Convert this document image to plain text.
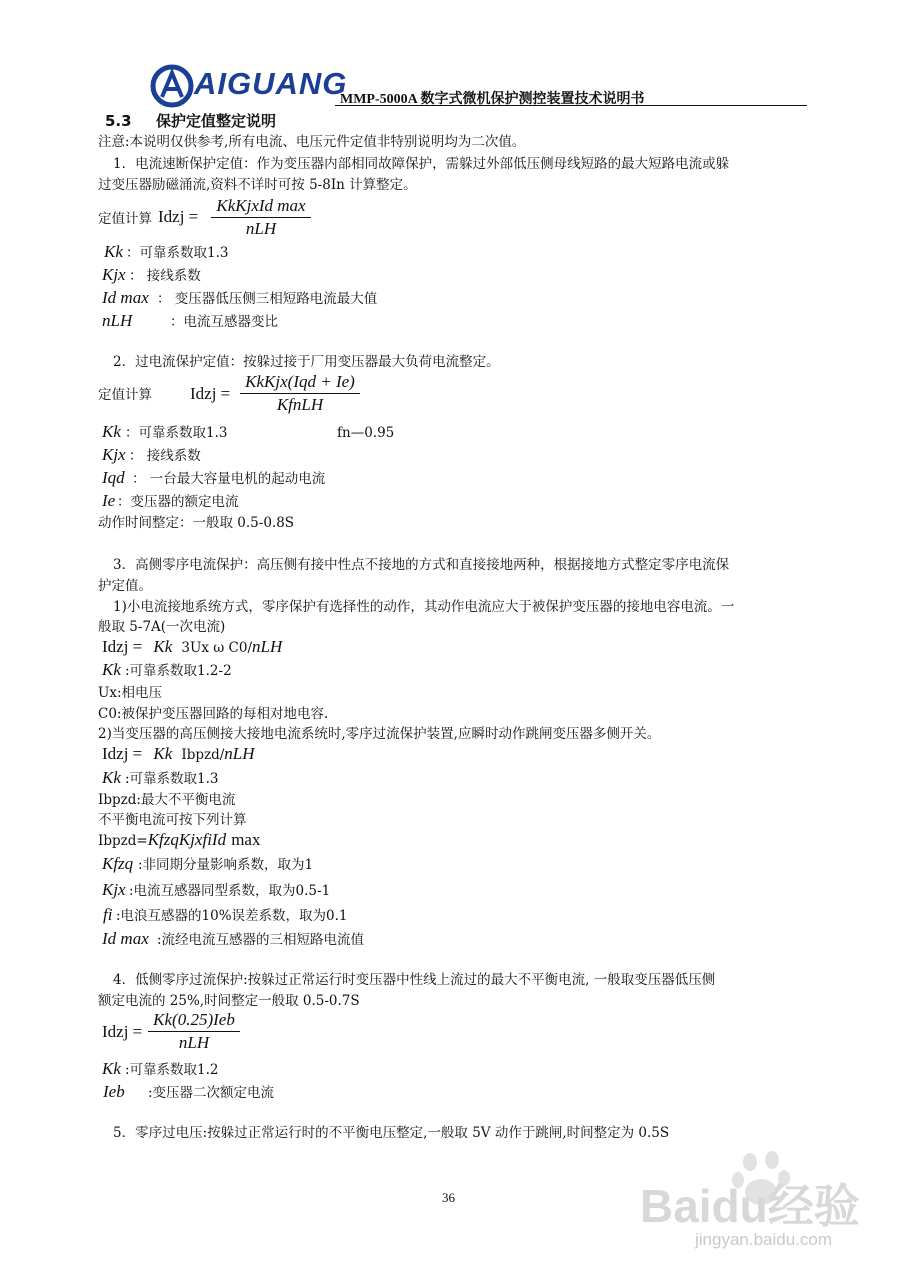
AIGUANG
MMP-5000A 数字式微机保护测控装置技术说明书
5.3 保护定值整定说明
注意:本说明仅供参考,所有电流、电压元件定值非特别说明均为二次值。
1．电流速断保护定值：作为变压器内部相同故障保护，需躲过外部低压侧母线短路的最大短路电流或躲
过变压器励磁涌流,资料不详时可按 5-8In 计算整定。
定值计算 Idzj =
KkKjxId max
nLH
Kk ：可靠系数取1.3
Kjx ： 接线系数
Id max ： 变压器低压侧三相短路电流最大值
nLH	：电流互感器变比
2．过电流保护定值：按躲过接于厂用变压器最大负荷电流整定。
定值计算 Idzj =
KkKjx(Iqd + Ie)
KfnLH
Kk ：可靠系数取1.3	fn—0.95
Kjx ： 接线系数
Iqd ： 一台最大容量电机的起动电流
Ie ：变压器的额定电流
动作时间整定：一般取 0.5-0.8S
3．高侧零序电流保护：高压侧有接中性点不接地的方式和直接接地两种，根据接地方式整定零序电流保
护定值。
1)小电流接地系统方式，零序保护有选择性的动作，其动作电流应大于被保护变压器的接地电容电流。一
般取 5-7A(一次电流)
Idzj = Kk 3Ux ω C0/nLH
Kk :可靠系数取1.2-2
Ux:相电压
C0:被保护变压器回路的每相对地电容.
2)当变压器的高压侧接大接地电流系统时,零序过流保护装置,应瞬时动作跳闸变压器多侧开关。
Idzj = Kk Ibpzd/nLH
Kk :可靠系数取1.3
Ibpzd:最大不平衡电流
不平衡电流可按下列计算
Ibpzd=KfzqKjxfiId max
Kfzq :非同期分量影响系数，取为1
Kjx :电流互感器同型系数，取为0.5-1
fi :电浪互感器的10%误差系数，取为0.1
Id max :流经电流互感器的三相短路电流值
4．低侧零序过流保护:按躲过正常运行时变压器中性线上流过的最大不平衡电流, 一般取变压器低压侧
额定电流的 25%,时间整定一般取 0.5-0.7S
Idzj =
Kk(0.25)Ieb
nLH
Kk :可靠系数取1.2
Ieb :变压器二次额定电流
5．零序过电压:按躲过正常运行时的不平衡电压整定,一般取 5V 动作于跳闸,时间整定为 0.5S
36	Baidu经验
jingyan.baidu.com
